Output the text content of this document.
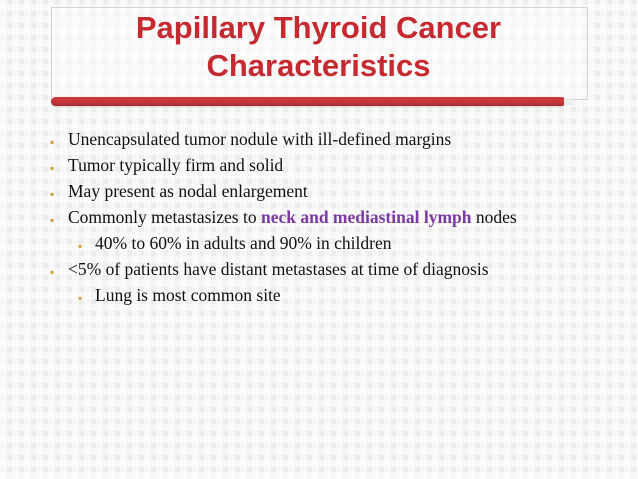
Papillary Thyroid Cancer
Characteristics

▪ Unencapsulated tumor nodule with ill-defined margins

▪ Tumor typically firm and solid

▪ May present as nodal enlargement

▪ Commonly metastasizes to neck and mediastinal lymph nodes

▪ 40% to 60% in adults and 90% in children

▪ <5% of patients have distant metastases at time of diagnosis

▪ Lung is most common site
